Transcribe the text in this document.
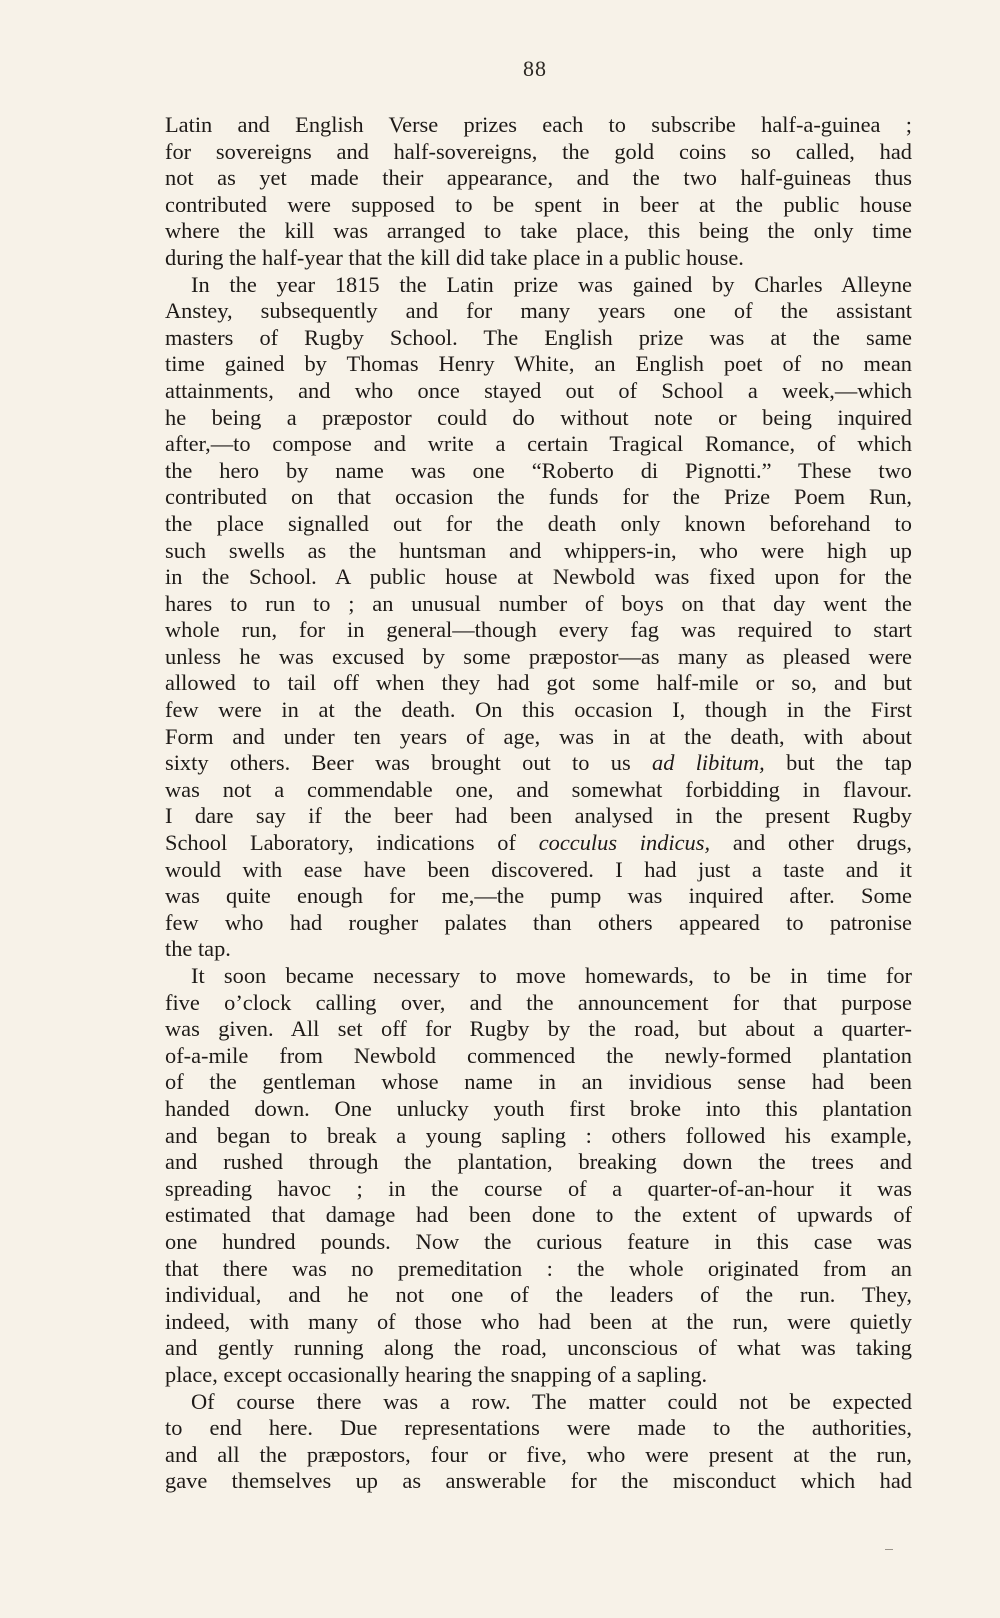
88
Latin and English Verse prizes each to subscribe half-a-guinea ;
for sovereigns and half-sovereigns, the gold coins so called, had
not as yet made their appearance, and the two half-guineas thus
contributed were supposed to be spent in beer at the public house
where the kill was arranged to take place, this being the only time
during the half-year that the kill did take place in a public house.
In the year 1815 the Latin prize was gained by Charles Alleyne
Anstey, subsequently and for many years one of the assistant
masters of Rugby School. The English prize was at the same
time gained by Thomas Henry White, an English poet of no mean
attainments, and who once stayed out of School a week,—which
he being a præpostor could do without note or being inquired
after,—to compose and write a certain Tragical Romance, of which
the hero by name was one “Roberto di Pignotti.” These two
contributed on that occasion the funds for the Prize Poem Run,
the place signalled out for the death only known beforehand to
such swells as the huntsman and whippers-in, who were high up
in the School. A public house at Newbold was fixed upon for the
hares to run to ; an unusual number of boys on that day went the
whole run, for in general—though every fag was required to start
unless he was excused by some præpostor—as many as pleased were
allowed to tail off when they had got some half-mile or so, and but
few were in at the death. On this occasion I, though in the First
Form and under ten years of age, was in at the death, with about
sixty others. Beer was brought out to us ad libitum, but the tap
was not a commendable one, and somewhat forbidding in flavour.
I dare say if the beer had been analysed in the present Rugby
School Laboratory, indications of cocculus indicus, and other drugs,
would with ease have been discovered. I had just a taste and it
was quite enough for me,—the pump was inquired after. Some
few who had rougher palates than others appeared to patronise
the tap.
It soon became necessary to move homewards, to be in time for
five o’clock calling over, and the announcement for that purpose
was given. All set off for Rugby by the road, but about a quarter-
of-a-mile from Newbold commenced the newly-formed plantation
of the gentleman whose name in an invidious sense had been
handed down. One unlucky youth first broke into this plantation
and began to break a young sapling : others followed his example,
and rushed through the plantation, breaking down the trees and
spreading havoc ; in the course of a quarter-of-an-hour it was
estimated that damage had been done to the extent of upwards of
one hundred pounds. Now the curious feature in this case was
that there was no premeditation : the whole originated from an
individual, and he not one of the leaders of the run. They,
indeed, with many of those who had been at the run, were quietly
and gently running along the road, unconscious of what was taking
place, except occasionally hearing the snapping of a sapling.
Of course there was a row. The matter could not be expected
to end here. Due representations were made to the authorities,
and all the præpostors, four or five, who were present at the run,
gave themselves up as answerable for the misconduct which had
